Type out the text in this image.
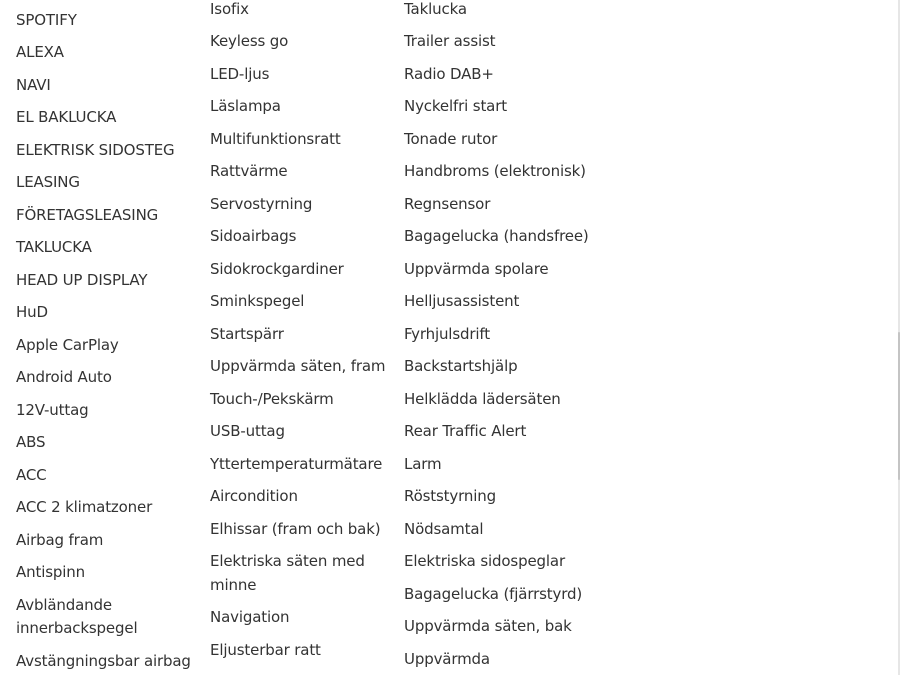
SPOTIFY
ALEXA
NAVI
EL BAKLUCKA
ELEKTRISK SIDOSTEG
LEASING
FÖRETAGSLEASING
TAKLUCKA
HEAD UP DISPLAY
HuD
Apple CarPlay
Android Auto
12V-uttag
ABS
ACC
ACC 2 klimatzoner
Airbag fram
Antispinn
Avbländande innerbackspegel
Avstängningsbar airbag
Isofix
Keyless go
LED-ljus
Läslampa
Multifunktionsratt
Rattvärme
Servostyrning
Sidoairbags
Sidokrockgardiner
Sminkspegel
Startspärr
Uppvärmda säten, fram
Touch-/Pekskärm
USB-uttag
Yttertemperaturmätare
Aircondition
Elhissar (fram och bak)
Elektriska säten med minne
Navigation
Eljusterbar ratt
Taklucka
Trailer assist
Radio DAB+
Nyckelfri start
Tonade rutor
Handbroms (elektronisk)
Regnsensor
Bagagelucka (handsfree)
Uppvärmda spolare
Helljusassistent
Fyrhjulsdrift
Backstartshjälp
Helklädda lädersäten
Rear Traffic Alert
Larm
Röststyrning
Nödsamtal
Elektriska sidospeglar
Bagagelucka (fjärrstyrd)
Uppvärmda säten, bak
Uppvärmda
